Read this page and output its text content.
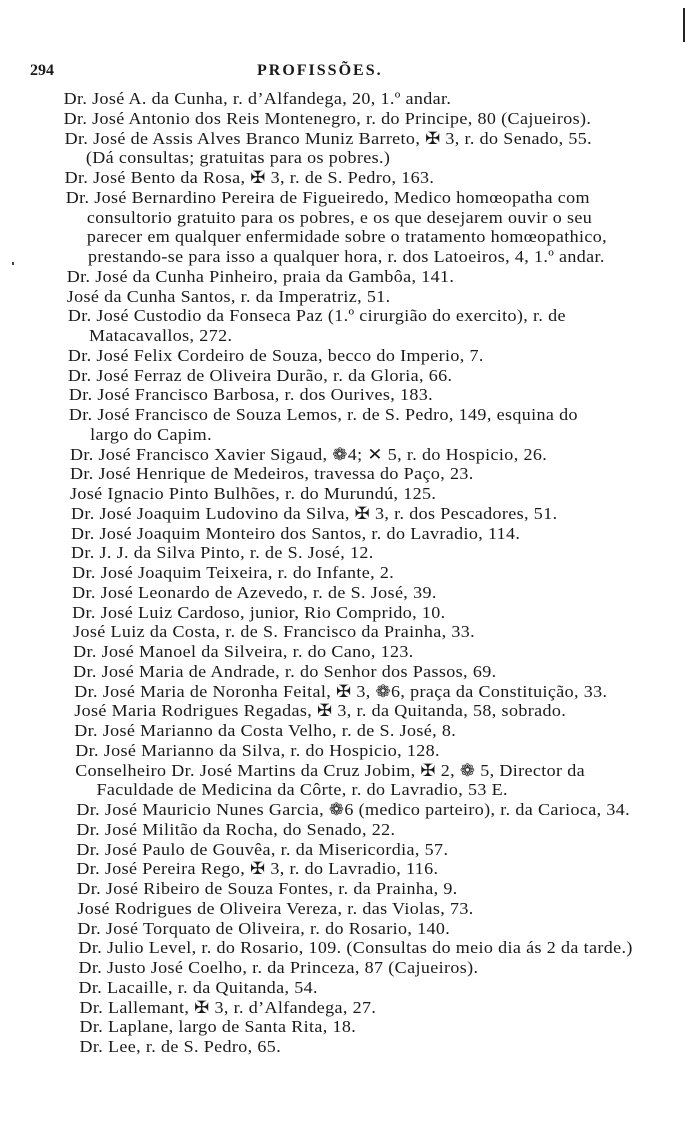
294	PROFISSÕES.
Dr. José A. da Cunha, r. d’Alfandega, 20, 1.º andar.
Dr. José Antonio dos Reis Montenegro, r. do Principe, 80 (Cajueiros).
Dr. José de Assis Alves Branco Muniz Barreto, ✠ 3, r. do Senado, 55.
(Dá consultas; gratuitas para os pobres.)
Dr. José Bento da Rosa, ✠ 3, r. de S. Pedro, 163.
Dr. José Bernardino Pereira de Figueiredo, Medico homœopatha com
consultorio gratuito para os pobres, e os que desejarem ouvir o seu
parecer em qualquer enfermidade sobre o tratamento homœopathico,
prestando-se para isso a qualquer hora, r. dos Latoeiros, 4, 1.º andar.
Dr. José da Cunha Pinheiro, praia da Gambôa, 141.
José da Cunha Santos, r. da Imperatriz, 51.
Dr. José Custodio da Fonseca Paz (1.º cirurgião do exercito), r. de
Matacavallos, 272.
Dr. José Felix Cordeiro de Souza, becco do Imperio, 7.
Dr. José Ferraz de Oliveira Durão, r. da Gloria, 66.
Dr. José Francisco Barbosa, r. dos Ourives, 183.
Dr. José Francisco de Souza Lemos, r. de S. Pedro, 149, esquina do
largo do Capim.
Dr. José Francisco Xavier Sigaud, ❁4; ✕ 5, r. do Hospicio, 26.
Dr. José Henrique de Medeiros, travessa do Paço, 23.
José Ignacio Pinto Bulhões, r. do Murundú, 125.
Dr. José Joaquim Ludovino da Silva, ✠ 3, r. dos Pescadores, 51.
Dr. José Joaquim Monteiro dos Santos, r. do Lavradio, 114.
Dr. J. J. da Silva Pinto, r. de S. José, 12.
Dr. José Joaquim Teixeira, r. do Infante, 2.
Dr. José Leonardo de Azevedo, r. de S. José, 39.
Dr. José Luiz Cardoso, junior, Rio Comprido, 10.
José Luiz da Costa, r. de S. Francisco da Prainha, 33.
Dr. José Manoel da Silveira, r. do Cano, 123.
Dr. José Maria de Andrade, r. do Senhor dos Passos, 69.
Dr. José Maria de Noronha Feital, ✠ 3, ❁6, praça da Constituição, 33.
José Maria Rodrigues Regadas, ✠ 3, r. da Quitanda, 58, sobrado.
Dr. José Marianno da Costa Velho, r. de S. José, 8.
Dr. José Marianno da Silva, r. do Hospicio, 128.
Conselheiro Dr. José Martins da Cruz Jobim, ✠ 2, ❁ 5, Director da
Faculdade de Medicina da Côrte, r. do Lavradio, 53 E.
Dr. José Mauricio Nunes Garcia, ❁6 (medico parteiro), r. da Carioca, 34.
Dr. José Militão da Rocha, do Senado, 22.
Dr. José Paulo de Gouvêa, r. da Misericordia, 57.
Dr. José Pereira Rego, ✠ 3, r. do Lavradio, 116.
Dr. José Ribeiro de Souza Fontes, r. da Prainha, 9.
José Rodrigues de Oliveira Vereza, r. das Violas, 73.
Dr. José Torquato de Oliveira, r. do Rosario, 140.
Dr. Julio Level, r. do Rosario, 109. (Consultas do meio dia ás 2 da tarde.)
Dr. Justo José Coelho, r. da Princeza, 87 (Cajueiros).
Dr. Lacaille, r. da Quitanda, 54.
Dr. Lallemant, ✠ 3, r. d’Alfandega, 27.
Dr. Laplane, largo de Santa Rita, 18.
Dr. Lee, r. de S. Pedro, 65.
